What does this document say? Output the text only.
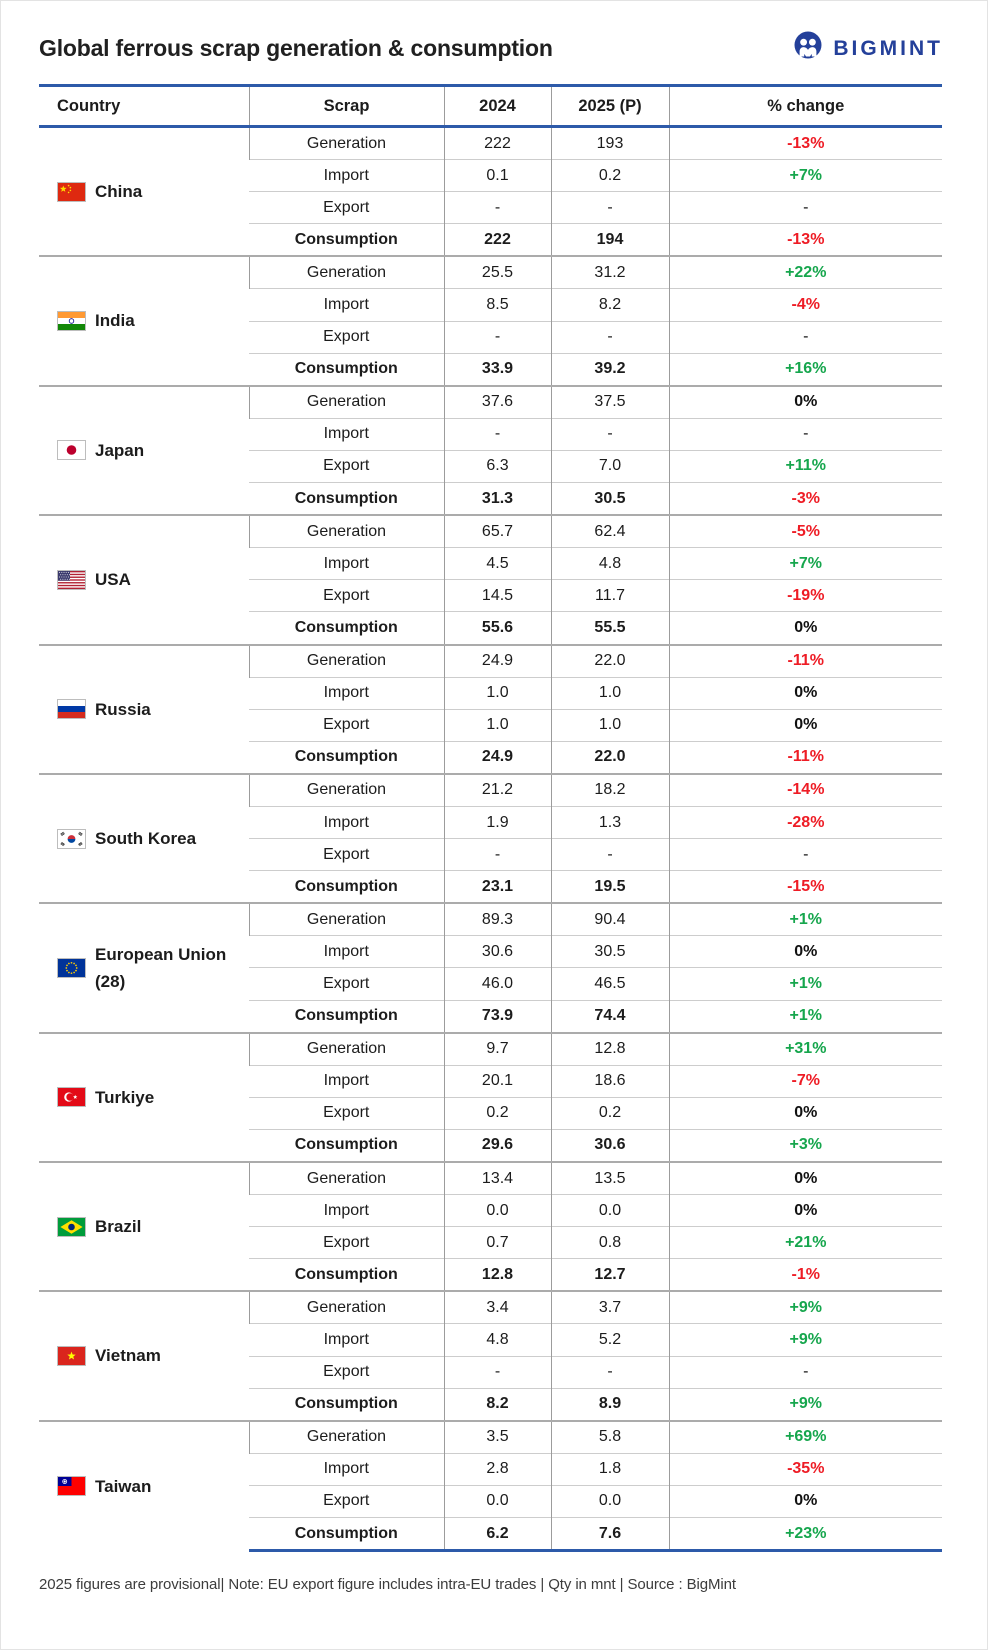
Global ferrous scrap generation & consumption	BIGMINT
Country	Scrap	2024	2025 (P)	% change

China	Generation	222	193	-13%
	Import	0.1	0.2	+7%
	Export	-	-	-
	Consumption	222	194	-13%

India	Generation	25.5	31.2	+22%
	Import	8.5	8.2	-4%
	Export	-	-	-
	Consumption	33.9	39.2	+16%

Japan	Generation	37.6	37.5	0%
	Import	-	-	-
	Export	6.3	7.0	+11%
	Consumption	31.3	30.5	-3%

USA	Generation	65.7	62.4	-5%
	Import	4.5	4.8	+7%
	Export	14.5	11.7	-19%
	Consumption	55.6	55.5	0%

Russia	Generation	24.9	22.0	-11%
	Import	1.0	1.0	0%
	Export	1.0	1.0	0%
	Consumption	24.9	22.0	-11%

South Korea	Generation	21.2	18.2	-14%
	Import	1.9	1.3	-28%
	Export	-	-	-
	Consumption	23.1	19.5	-15%

European Union (28)	Generation	89.3	90.4	+1%
	Import	30.6	30.5	0%
	Export	46.0	46.5	+1%
	Consumption	73.9	74.4	+1%

Turkiye	Generation	9.7	12.8	+31%
	Import	20.1	18.6	-7%
	Export	0.2	0.2	0%
	Consumption	29.6	30.6	+3%

Brazil	Generation	13.4	13.5	0%
	Import	0.0	0.0	0%
	Export	0.7	0.8	+21%
	Consumption	12.8	12.7	-1%

Vietnam	Generation	3.4	3.7	+9%
	Import	4.8	5.2	+9%
	Export	-	-	-
	Consumption	8.2	8.9	+9%

Taiwan	Generation	3.5	5.8	+69%
	Import	2.8	1.8	-35%
	Export	0.0	0.0	0%
	Consumption	6.2	7.6	+23%
2025 figures are provisional| Note: EU export figure includes intra-EU trades | Qty in mnt | Source : BigMint
